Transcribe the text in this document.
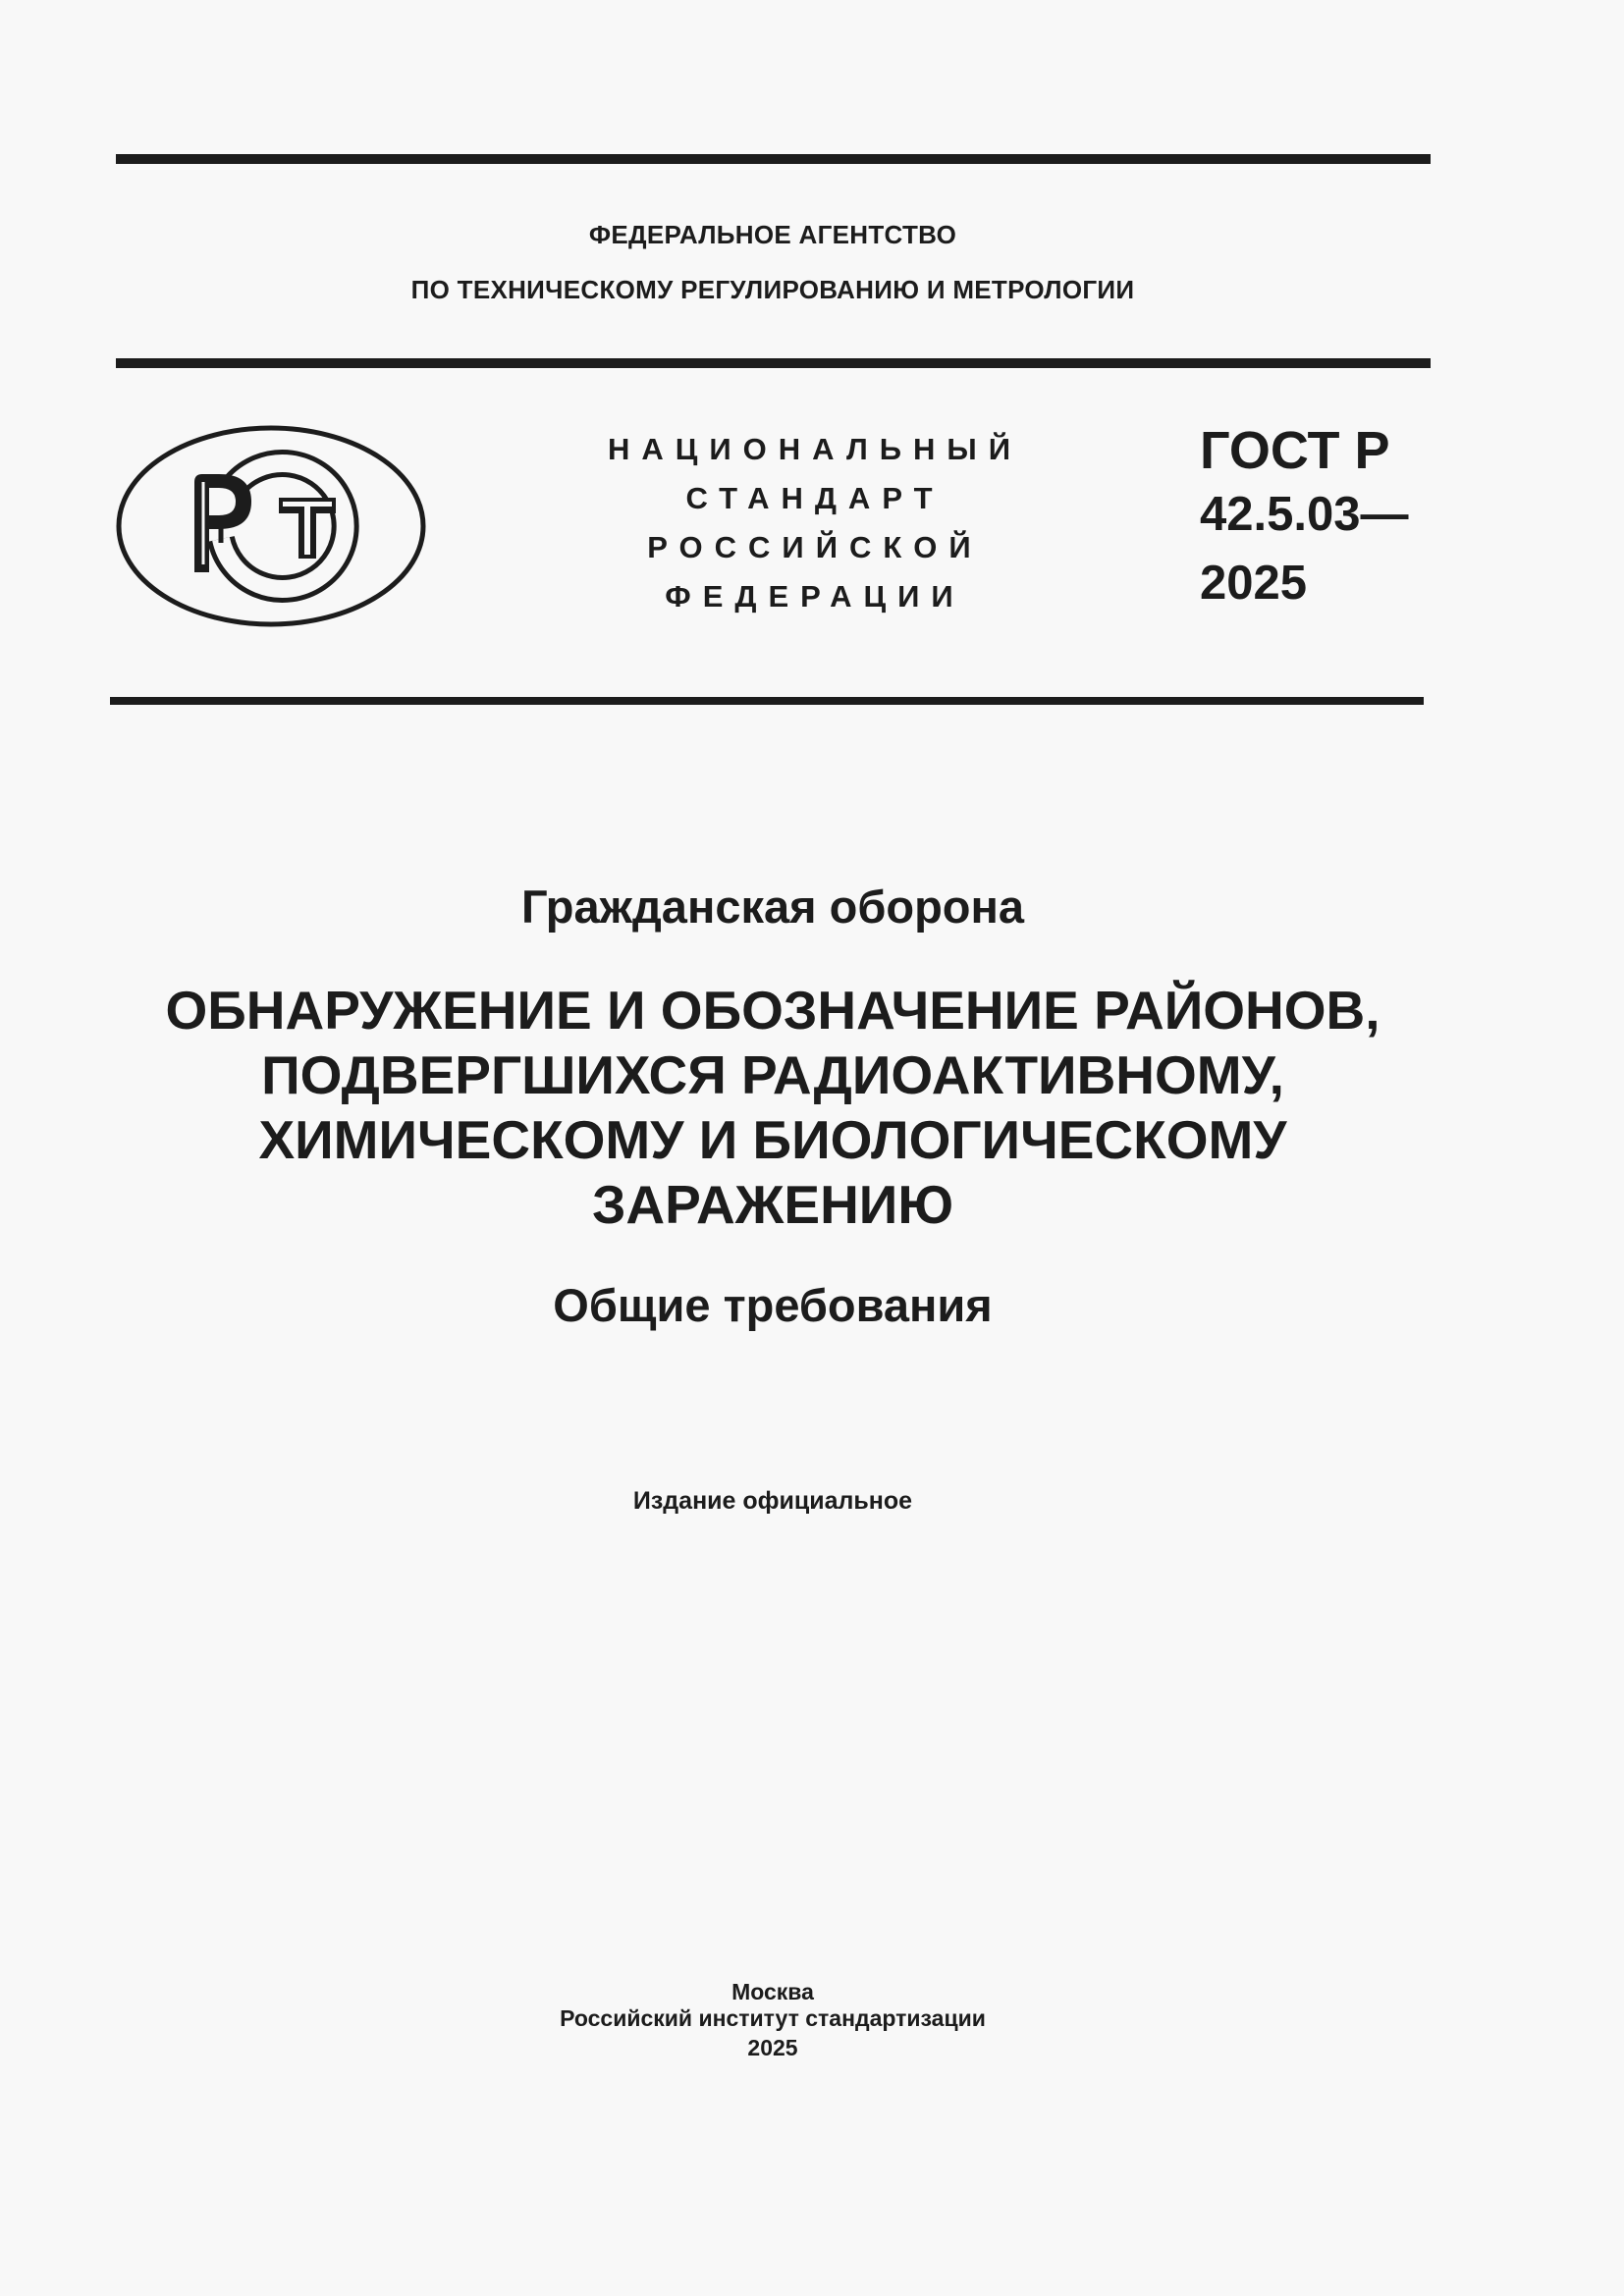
ФЕДЕРАЛЬНОЕ АГЕНТСТВО
ПО ТЕХНИЧЕСКОМУ РЕГУЛИРОВАНИЮ И МЕТРОЛОГИИ
НАЦИОНАЛЬНЫЙ
СТАНДАРТ
РОССИЙСКОЙ
ФЕДЕРАЦИИ
ГОСТ Р
42.5.03—
2025
Гражданская оборона
ОБНАРУЖЕНИЕ И ОБОЗНАЧЕНИЕ РАЙОНОВ,
ПОДВЕРГШИХСЯ РАДИОАКТИВНОМУ,
ХИМИЧЕСКОМУ И БИОЛОГИЧЕСКОМУ
ЗАРАЖЕНИЮ
Общие требования
Издание официальное
Москва
Российский институт стандартизации
2025
